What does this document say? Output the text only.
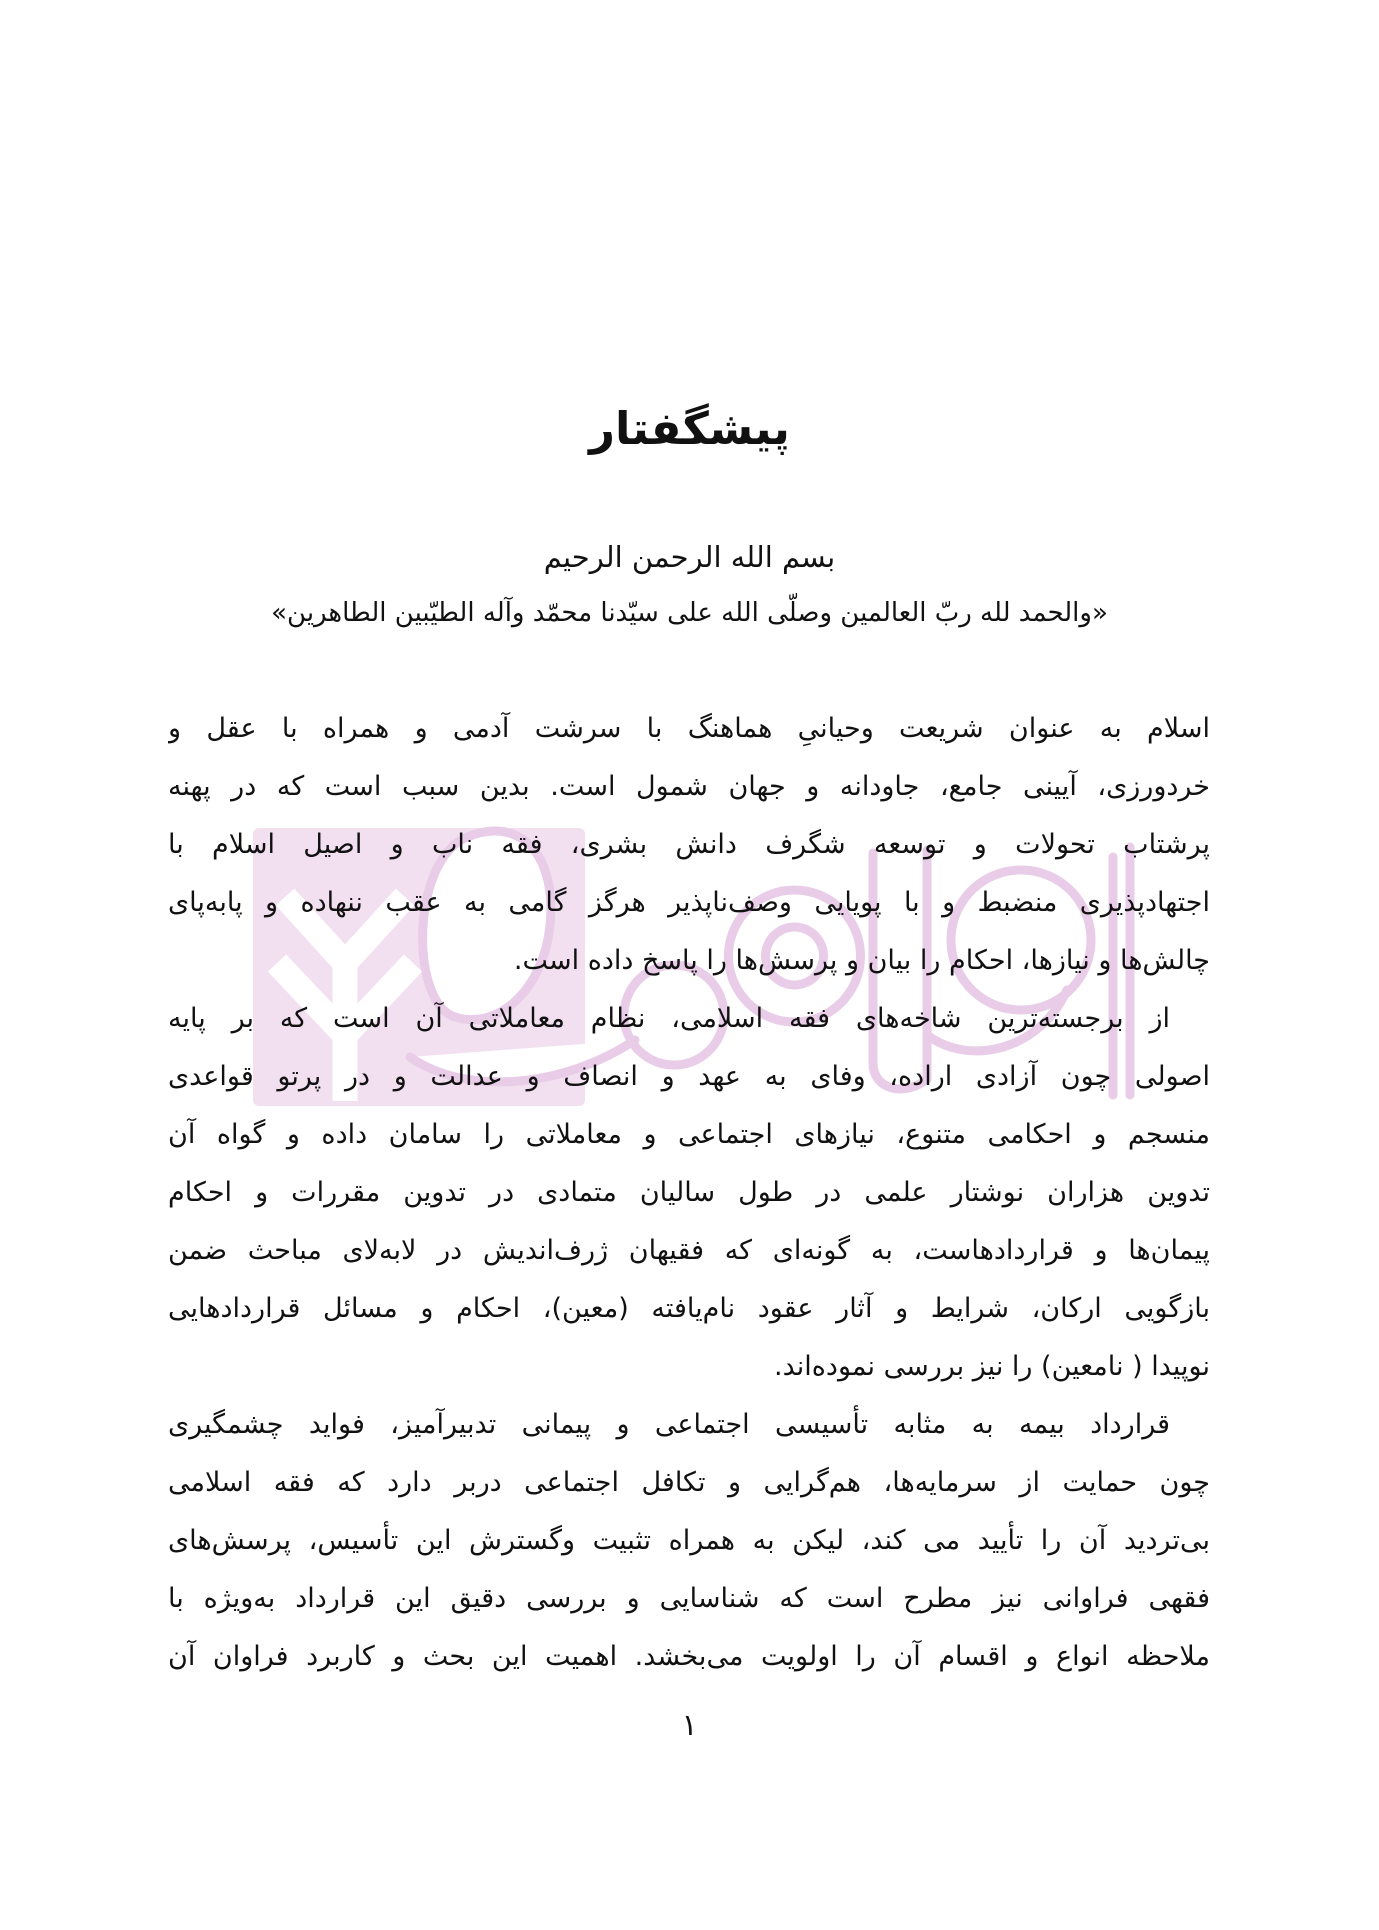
پیشگفتار
بسم الله الرحمن الرحیم
«والحمد لله ربّ العالمین وصلّی الله علی سیّدنا محمّد وآله الطیّبین الطاهرین»
اسلام به عنوان شریعت وحیانیِ هماهنگ با سرشت آدمی و همراه با عقل و
خردورزی، آیینی جامع، جاودانه و جهان شمول است. بدین سبب است که در پهنه
پرشتاب تحولات و توسعه شگرف دانش بشری، فقه ناب و اصیل اسلام با
اجتهادپذیری منضبط و با پویایی وصف‌ناپذیر هرگز گامی به عقب ننهاده و پابه‌پای
چالش‌ها و نیازها، احکام را بیان و پرسش‌ها را پاسخ داده است.
از برجسته‌ترین شاخه‌های فقه اسلامی، نظام معاملاتی آن است که بر پایه
اصولی چون آزادی اراده، وفای به عهد و انصاف و عدالت و در پرتو قواعدی
منسجم و احکامی متنوع، نیازهای اجتماعی و معاملاتی را سامان داده و گواه آن
تدوین هزاران نوشتار علمی در طول سالیان متمادی در تدوین مقررات و احکام
پیمان‌ها و قراردادهاست، به گونه‌ای که فقیهان ژرف‌اندیش در لابه‌لای مباحث ضمن
بازگویی ارکان، شرایط و آثار عقود نام‌یافته (معین)، احکام و مسائل قراردادهایی
نوپیدا ( نامعین) را نیز بررسی نموده‌اند.
قرارداد بیمه به مثابه تأسیسی اجتماعی و پیمانی تدبیرآمیز، فواید چشمگیری
چون حمایت از سرمایه‌ها، هم‌گرایی و تکافل اجتماعی دربر دارد که فقه اسلامی
بی‌تردید آن را تأیید می کند، لیکن به همراه تثبیت وگسترش این تأسیس، پرسش‌های
فقهی فراوانی نیز مطرح است که شناسایی و بررسی دقیق این قرارداد به‌ویژه با
ملاحظه انواع و اقسام آن را اولویت می‌بخشد. اهمیت این بحث و کاربرد فراوان آن
۱
